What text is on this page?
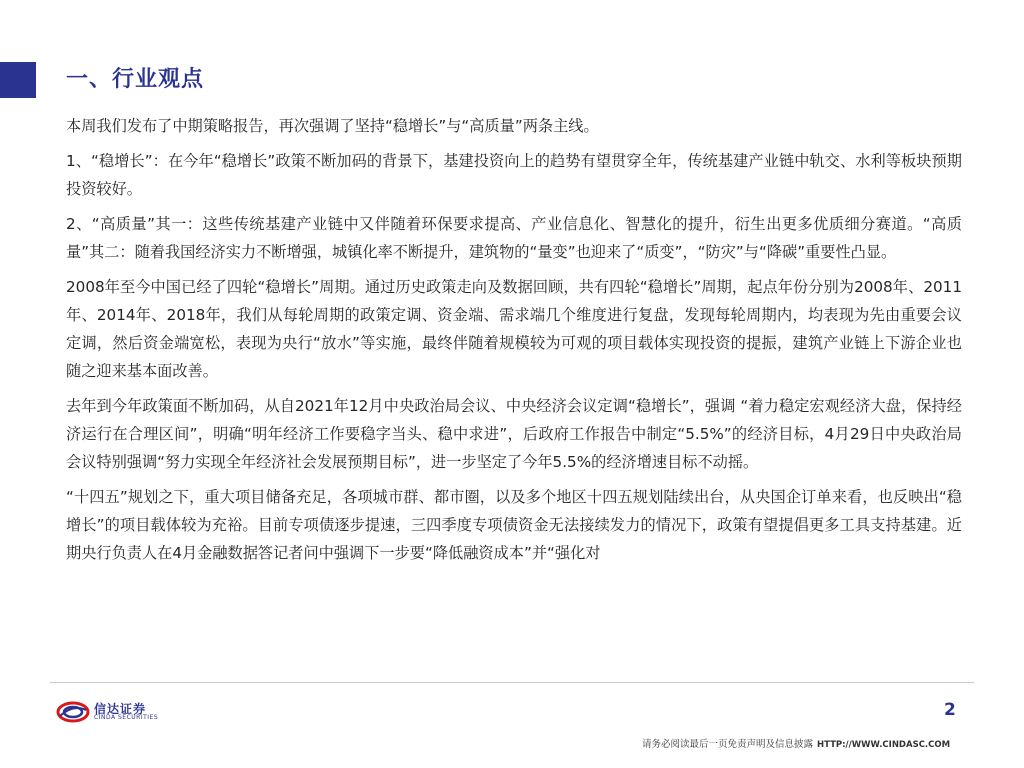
一、行业观点

本周我们发布了中期策略报告，再次强调了坚持“稳增长”与“高质量”两条主线。

1、“稳增长”：在今年“稳增长”政策不断加码的背景下，基建投资向上的趋势有望贯穿全年，传统基建产业链中轨交、水利等板块预期投资较好。

2、“高质量”其一：这些传统基建产业链中又伴随着环保要求提高、产业信息化、智慧化的提升，衍生出更多优质细分赛道。“高质量”其二：随着我国经济实力不断增强，城镇化率不断提升，建筑物的“量变”也迎来了“质变”，“防灾”与“降碳”重要性凸显。

2008年至今中国已经了四轮“稳增长”周期。通过历史政策走向及数据回顾，共有四轮“稳增长”周期，起点年份分别为2008年、2011年、2014年、2018年，我们从每轮周期的政策定调、资金端、需求端几个维度进行复盘，发现每轮周期内，均表现为先由重要会议定调，然后资金端宽松，表现为央行“放水”等实施，最终伴随着规模较为可观的项目载体实现投资的提振，建筑产业链上下游企业也随之迎来基本面改善。

去年到今年政策面不断加码，从自2021年12月中央政治局会议、中央经济会议定调“稳增长”，强调 “着力稳定宏观经济大盘，保持经济运行在合理区间”，明确“明年经济工作要稳字当头、稳中求进”，后政府工作报告中制定“5.5%”的经济目标，4月29日中央政治局会议特别强调“努力实现全年经济社会发展预期目标”，进一步坚定了今年5.5%的经济增速目标不动摇。

“十四五”规划之下，重大项目储备充足，各项城市群、都市圈，以及多个地区十四五规划陆续出台，从央国企订单来看，也反映出“稳增长”的项目载体较为充裕。目前专项债逐步提速，三四季度专项债资金无法接续发力的情况下，政策有望提倡更多工具支持基建。近期央行负责人在4月金融数据答记者问中强调下一步要“降低融资成本”并“强化对

信达证券
CINDA SECURITIES	2
请务必阅读最后一页免责声明及信息披露 HTTP://WWW.CINDASC.COM
